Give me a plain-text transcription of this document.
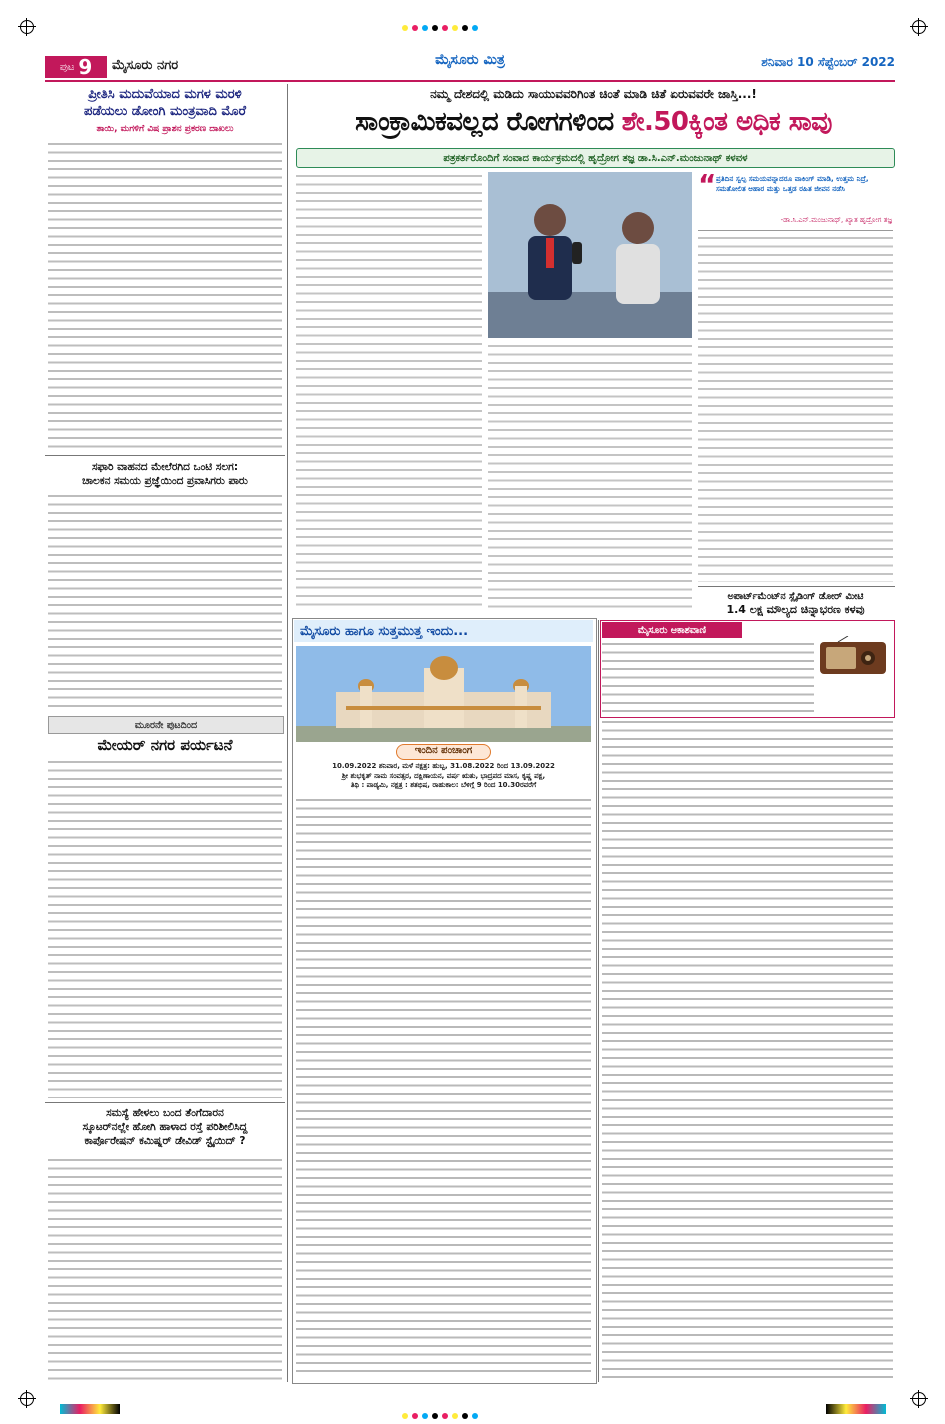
ಪುಟ 9 ಮೈಸೂರು ನಗರ	ಮೈಸೂರು ಮಿತ್ರ	ಶನಿವಾರ 10 ಸೆಪ್ಟೆಂಬರ್ 2022
ಪ್ರೀತಿಸಿ ಮದುವೆಯಾದ ಮಗಳ ಮರಳಿ
ಪಡೆಯಲು ಡೋಂಗಿ ಮಂತ್ರವಾದಿ ಮೊರೆ
ತಾಯಿ, ಮಗಳಿಗೆ ವಿಷ ಪ್ರಾಶನ ಪ್ರಕರಣ ದಾಖಲು
ಸಫಾರಿ ವಾಹನದ ಮೇಲೆರಗಿದ ಒಂಟಿ ಸಲಗ:
ಚಾಲಕನ ಸಮಯ ಪ್ರಜ್ಞೆಯಿಂದ ಪ್ರವಾಸಿಗರು ಪಾರು
ಮೂರನೇ ಪುಟದಿಂದ
ಮೇಯರ್ ನಗರ ಪರ್ಯಟನೆ
ಸಮಸ್ಯೆ ಹೇಳಲು ಬಂದ ತೆಂಗೆದಾರನ
ಸ್ಕೂಟರ್‌ನಲ್ಲೇ ಹೋಗಿ ಹಾಳಾದ ರಸ್ತೆ ಪರಿಶೀಲಿಸಿದ್ದ
ಕಾರ್ಪೊರೇಷನ್ ಕಮಿಷ್ನರ್ ಡೇವಿಡ್ ಸ್ಟೈಯಿದ್ ?
ನಮ್ಮ ದೇಶದಲ್ಲಿ ಮಡಿದು ಸಾಯುವವರಿಗಿಂತ ಚಿಂತೆ ಮಾಡಿ ಚಿತೆ ಏರುವವರೇ ಜಾಸ್ತಿ...!
ಸಾಂಕ್ರಾಮಿಕವಲ್ಲದ ರೋಗಗಳಿಂದ ಶೇ.50ಕ್ಕಿಂತ ಅಧಿಕ ಸಾವು
ಪತ್ರಕರ್ತರೊಂದಿಗೆ ಸಂವಾದ ಕಾರ್ಯಕ್ರಮದಲ್ಲಿ ಹೃದ್ರೋಗ ತಜ್ಞ ಡಾ.ಸಿ.ಎನ್.ಮಂಜುನಾಥ್ ಕಳವಳ
“ ಪ್ರತಿದಿನ ಸ್ವಲ್ಪ ಸಮಯವನ್ನಾದರೂ ವಾಕಿಂಗ್ ಮಾಡಿ, ಉತ್ತಮ ನಿದ್ರೆ, ಸಮತೋಲಿತ ಆಹಾರ ಮತ್ತು ಒತ್ತಡ ರಹಿತ ಜೀವನ ನಡೆಸಿ
-ಡಾ.ಸಿ.ಎನ್.ಮಂಜುನಾಥ್, ಖ್ಯಾತ ಹೃದ್ರೋಗ ತಜ್ಞ
ಮೈಸೂರು ಹಾಗೂ ಸುತ್ತಮುತ್ತ ಇಂದು...
ಇಂದಿನ ಪಂಚಾಂಗ
10.09.2022 ಶನಿವಾರ, ಮಳೆ ನಕ್ಷತ್ರ: ಹುಬ್ಬ, 31.08.2022 ರಿಂದ 13.09.2022
ಶ್ರೀ ಶುಭಕೃತ್ ನಾಮ ಸಂವತ್ಸರ, ದಕ್ಷಿಣಾಯನ, ವರ್ಷ ಋತು, ಭಾದ್ರಪದ ಮಾಸ, ಕೃಷ್ಣ ಪಕ್ಷ,
ತಿಥಿ : ಪಾಡ್ಯಮಿ, ನಕ್ಷತ್ರ : ಶತಭಿಷ, ರಾಹುಕಾಲ: ಬೆಳಿಗ್ಗೆ 9 ರಿಂದ 10.30ರವರೆಗೆ
ಅಪಾರ್ಟ್‌ಮೆಂಟ್‌ನ ಸ್ಲೈಡಿಂಗ್ ಡೋರ್ ಮೀಟಿ
1.4 ಲಕ್ಷ ಮೌಲ್ಯದ ಚಿನ್ನಾಭರಣ ಕಳವು
ಮೈಸೂರು ಆಕಾಶವಾಣಿ
